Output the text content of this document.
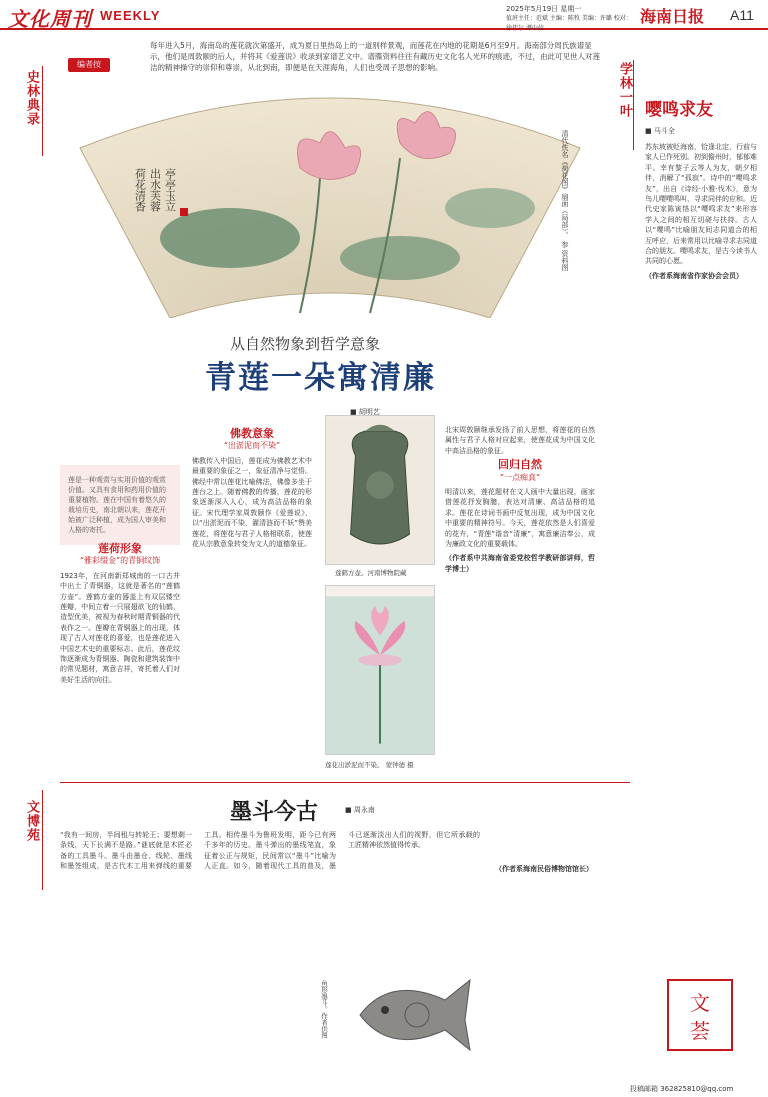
文化周刊 WEEKLY	2025年5月19日 星期一
值班主任：范斌 主编：陈牧 美编：许璐 校对：徐伟尔 谭中信
海南日报 A11
编者按
每年进入5月，海南岛的莲花就次第盛开，成为夏日里热岛上的一道别样景观，而莲花在内地的花期是6月至9月。海南部分周氏族谱显示，他们是周敦颐的后人，并将其《爱莲说》收录到家谱艺文中。谱牒资料往往有藏历史文化名人光环的痕迹，不过，由此可见世人对莲洁的精神操守的崇仰和尊崇，从北到南，即便是在天涯海角，人们也受周子思想的影响。
史林典录	学林一叶
文博苑
荷花清香 出水芙蓉 亭亭玉立	清代佚名《荷花图》扇面（局部）。 参 资料图
从自然物象到哲学意象
青莲一朵寓清廉
■ 胡明艺
莲是一种观赏与实用价值的观赏价值。又具有食用和药用价值的重要植物。莲在中国有着悠久的栽培历史，南北朝以来，莲花开始被广泛种植，成为国人审美和人格的寄托。
莲荷形象
“雅彩缀金”的青铜纹饰
1923年，在河南新郑城南的一口古井中出土了青铜器，这就是著名的“莲鹤方壶”。莲鹤方壶的器盖上有双层镂空莲瓣，中间立着一只展翅欲飞的仙鹤，造型优美，被视为春秋时期青铜器的代表作之一。莲瓣在青铜器上的出现，体现了古人对莲花的喜爱，也是莲花进入中国艺术史的重要标志。此后，莲花纹饰逐渐成为青铜器、陶瓷和建筑装饰中的常见题材，寓意吉祥，寄托着人们对美好生活的向往。
佛教意象
“出淤泥而不染”
佛教传入中国后，莲花成为佛教艺术中最重要的象征之一，象征清净与觉悟。佛经中常以莲花比喻佛法，佛像多坐于莲台之上。随着佛教的传播，莲花的形象逐渐深入人心，成为高洁品格的象征。宋代理学家周敦颐作《爱莲说》，以“出淤泥而不染，濯清涟而不妖”赞美莲花，将莲花与君子人格相联系，使莲花从宗教意象转变为文人的道德象征。
莲鹤方壶。河南博物院藏
莲花出淤泥而不染。 蒙钟德 摄
北宋周敦颐继承发扬了前人思想，将莲花的自然属性与君子人格对应起来，使莲花成为中国文化中高洁品格的象征。
回归自然
“一点痴真”
明清以来，莲花题材在文人画中大量出现，画家借莲花抒发胸臆，表达对清廉、高洁品格的追求。莲花在诗词书画中反复出现，成为中国文化中重要的精神符号。今天，莲花依然是人们喜爱的花卉，“青莲”谐音“清廉”，寓意廉洁奉公，成为廉政文化的重要载体。
（作者系中共海南省委党校哲学教研部讲师，哲学博士）
嘤鸣求友
■ 马斗全
苏东坡被贬海南，恰逢北定，行前与家人已作死别。初到儋州时，郁郁难平。幸有黎子云等人为友，朝夕相伴，消解了“孤寂”。诗中的“嘤鸣求友”，出自《诗经·小雅·伐木》，意为鸟儿嘤嘤鸣叫，寻求同伴的应和。近代史家陈寅恪以“嘤鸣求友”来形容学人之间的相互切磋与扶持。古人以“嘤鸣”比喻朋友间志同道合的相互呼应，后来常用以比喻寻求志同道合的朋友。嘤鸣求友，是古今读书人共同的心愿。
（作者系海南省作家协会会员）
文
荟
投稿邮箱 362825810@qq.com
墨斗今古	■ 周永南
“我有一间房，半间租与转轮王；要想剩一条线，天下长满不是路。”谜底就是木匠必备的工具墨斗。墨斗由墨仓、线轮、墨线和墨签组成，是古代木工用来弹线的重要工具。相传墨斗为鲁班发明，距今已有两千多年的历史。墨斗弹出的墨线笔直，象征着公正与规矩，民间常以“墨斗”比喻为人正直。如今，随着现代工具的普及，墨斗已逐渐淡出人们的视野，但它所承载的工匠精神依然值得传承。
（作者系海南民俗博物馆馆长）
鱼形墨斗。作者供图
